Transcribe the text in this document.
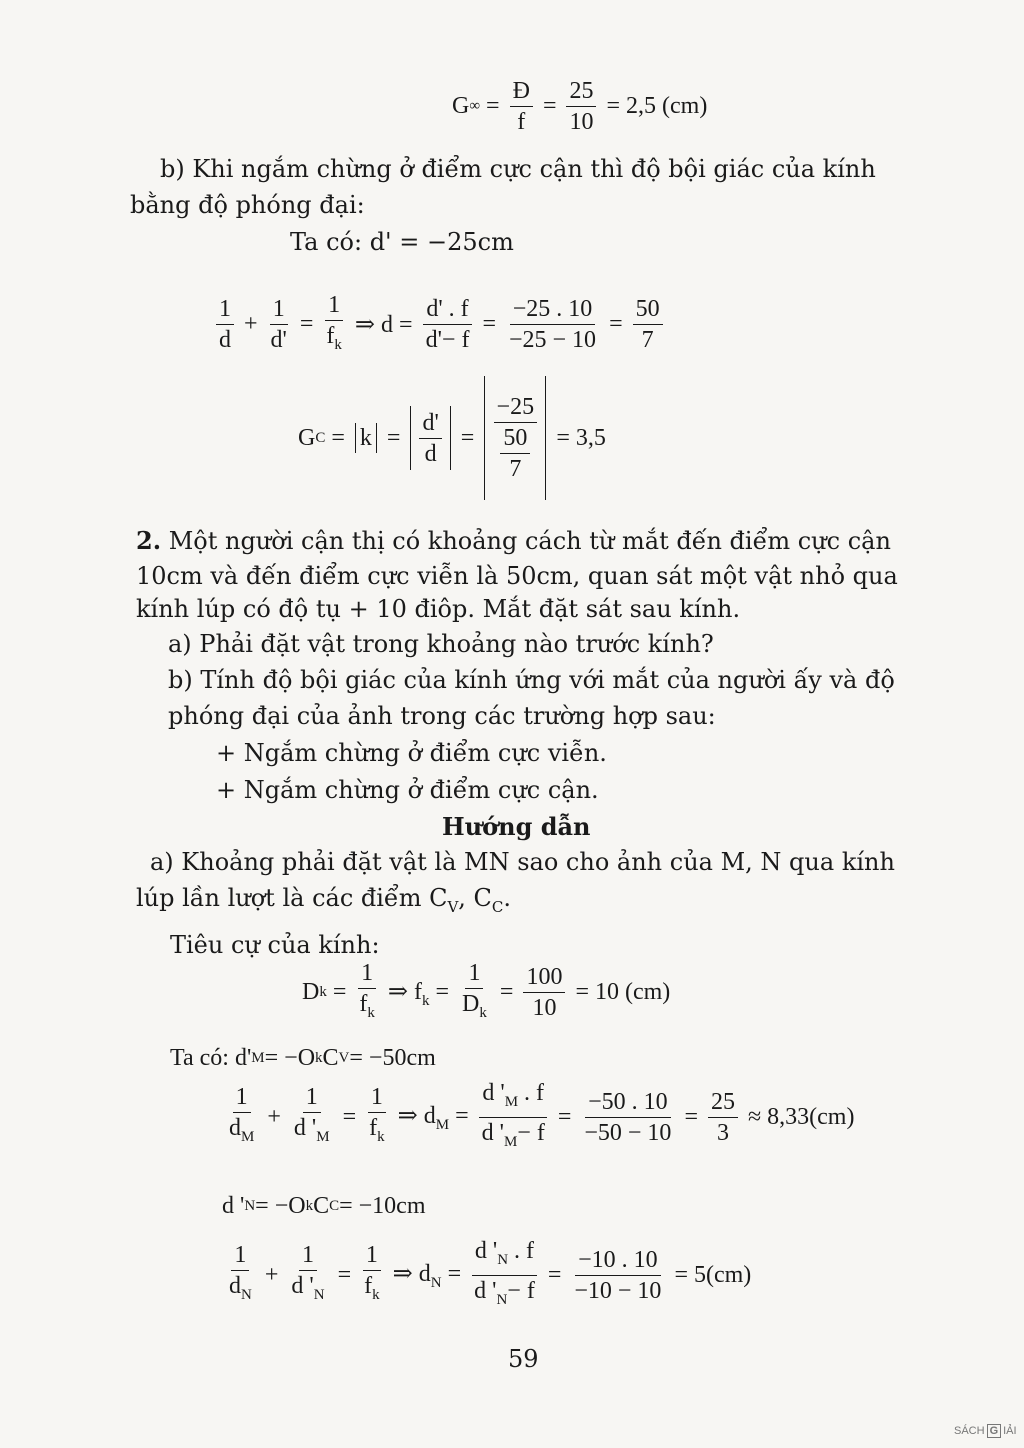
G ∞ = $\frac{Đ}{f} = \frac{25}{10} = 2,5$ (cm)
b) Khi ngắm chừng ở điểm cực cận thì độ bội giác của kính
bằng độ phóng đại:
Ta có: d' = −25cm
$\frac{1}{d} + \frac{1}{d'} = \frac{1}{f_k}$ ⇒ $d = \frac{d' . f}{d'- f} = \frac{-25 . 10}{-25 - 10} = \frac{50}{7}$
G $C = k = \frac{d'}{d} = \frac{-25}{\frac{50}{7}} = 3,5$
2. Một người cận thị có khoảng cách từ mắt đến điểm cực cận
10cm và đến điểm cực viễn là 50cm, quan sát một vật nhỏ qua
kính lúp có độ tụ + 10 điôp. Mắt đặt sát sau kính.
a) Phải đặt vật trong khoảng nào trước kính?
b) Tính độ bội giác của kính ứng với mắt của người ấy và độ
phóng đại của ảnh trong các trường hợp sau:
+ Ngắm chừng ở điểm cực viễn.
+ Ngắm chừng ở điểm cực cận.
Hướng dẫn
a) Khoảng phải đặt vật là MN sao cho ảnh của M, N qua kính
lúp lần lượt là các điểm $C_V$, $C_C$.
Tiêu cự của kính:
D $k = \frac{1}{f_k}$ ⇒ $f_k = \frac{1}{D_k} = \frac{100}{10} = 10$ (cm)
Ta có: d' M = −O k C V = −50cm
$\frac{1}{d_M} + \frac{1}{d '_M} = \frac{1}{f_k}$ ⇒ $d_M = \frac{d '_M . f}{d '_M- f} = \frac{-50 . 10}{-50 - 10} = \frac{25}{3} \approx 8,33(cm)$
d ' N = −O k C C = −10cm
$\frac{1}{d_N} + \frac{1}{d '_N} = \frac{1}{f_k}$ ⇒ $d_N = \frac{d '_N . f}{d '_N- f} = \frac{-10 . 10}{-10 - 10} = 5(cm)$
59
SÁCH G IẢI
